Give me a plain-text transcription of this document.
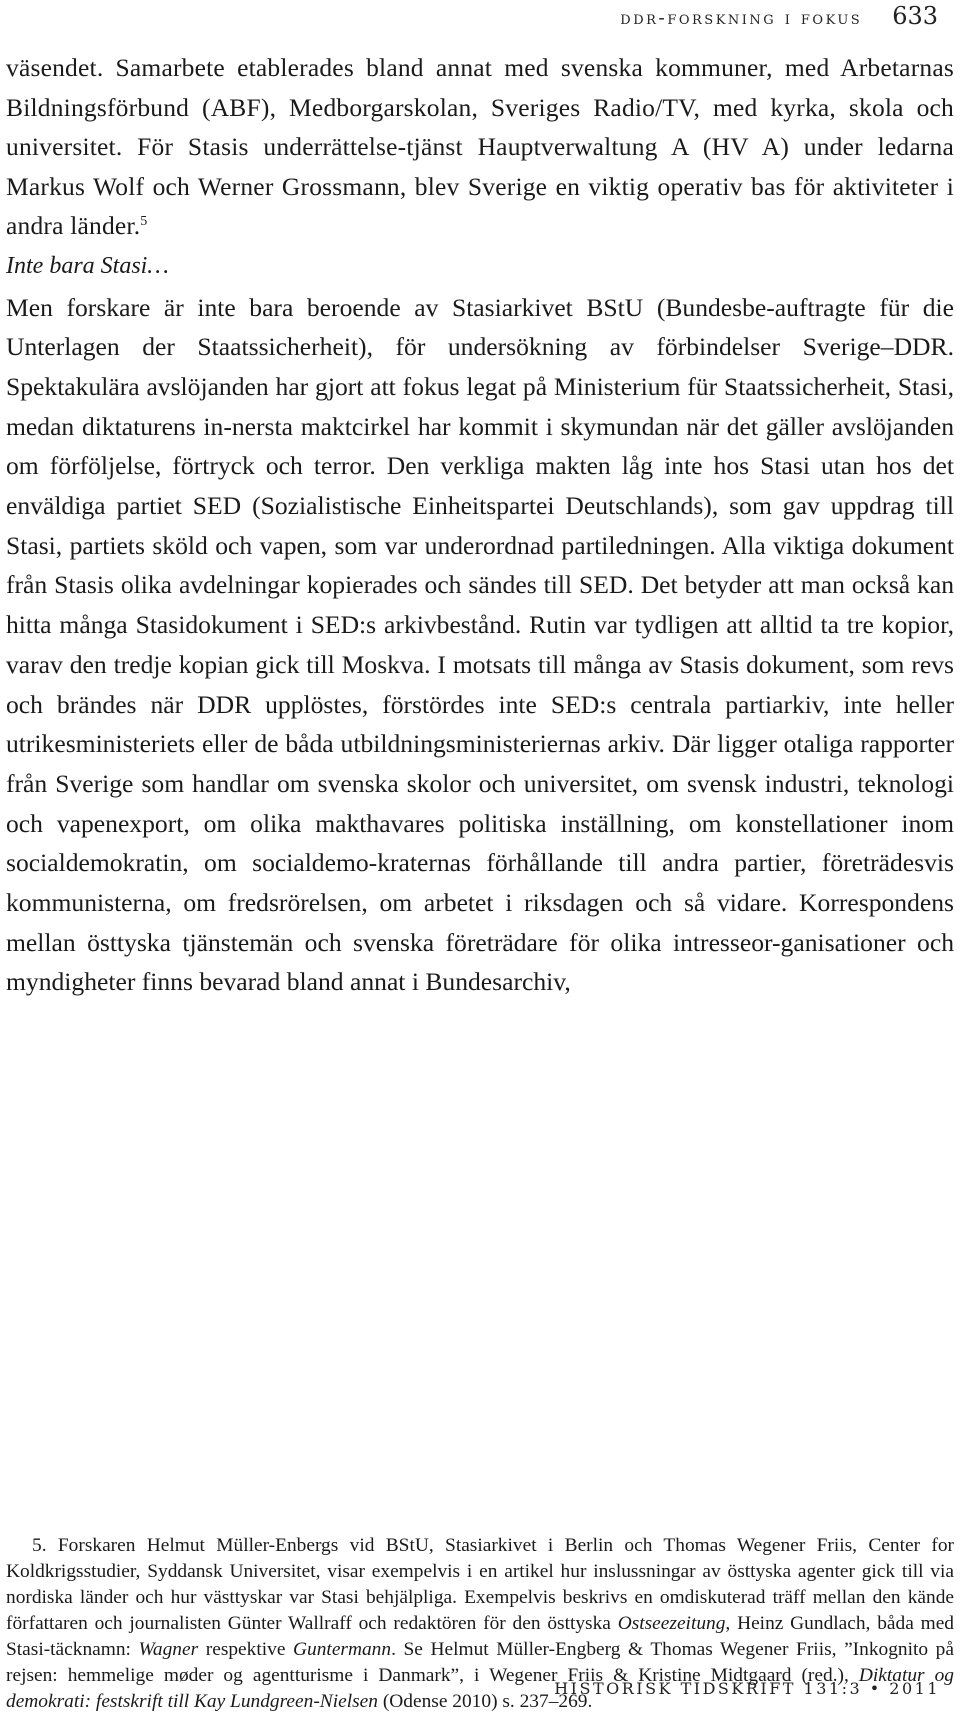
ddr-forskning i fokus 633

väsendet. Samarbete etablerades bland annat med svenska kommuner, med Arbetarnas Bildningsförbund (ABF), Medborgarskolan, Sveriges Radio/TV, med kyrka, skola och universitet. För Stasis underrättelse-tjänst Hauptverwaltung A (HV A) under ledarna Markus Wolf och Werner Grossmann, blev Sverige en viktig operativ bas för aktiviteter i andra länder.$^5$

Inte bara Stasi…

Men forskare är inte bara beroende av Stasiarkivet BStU (Bundesbe-auftragte für die Unterlagen der Staatssicherheit), för undersökning av förbindelser Sverige–DDR. Spektakulära avslöjanden har gjort att fokus legat på Ministerium für Staatssicherheit, Stasi, medan diktaturens in-nersta maktcirkel har kommit i skymundan när det gäller avslöjanden om förföljelse, förtryck och terror. Den verkliga makten låg inte hos Stasi utan hos det enväldiga partiet SED (Sozialistische Einheitspartei Deutschlands), som gav uppdrag till Stasi, partiets sköld och vapen, som var underordnad partiledningen. Alla viktiga dokument från Stasis olika avdelningar kopierades och sändes till SED. Det betyder att man också kan hitta många Stasidokument i SED:s arkivbestånd. Rutin var tydligen att alltid ta tre kopior, varav den tredje kopian gick till Moskva. I motsats till många av Stasis dokument, som revs och brändes när DDR upplöstes, förstördes inte SED:s centrala partiarkiv, inte heller utrikesministeriets eller de båda utbildningsministeriernas arkiv. Där ligger otaliga rapporter från Sverige som handlar om svenska skolor och universitet, om svensk industri, teknologi och vapenexport, om olika makthavares politiska inställning, om konstellationer inom socialdemokratin, om socialdemo-kraternas förhållande till andra partier, företrädesvis kommunisterna, om fredsrörelsen, om arbetet i riksdagen och så vidare. Korrespondens mellan östtyska tjänstemän och svenska företrädare för olika intresseor-ganisationer och myndigheter finns bevarad bland annat i Bundesarchiv,

5. Forskaren Helmut Müller-Enbergs vid BStU, Stasiarkivet i Berlin och Thomas Wegener Friis, Center for Koldkrigsstudier, Syddansk Universitet, visar exempelvis i en artikel hur inslussningar av östtyska agenter gick till via nordiska länder och hur västtyskar var Stasi behjälpliga. Exempelvis beskrivs en omdiskuterad träff mellan den kände författaren och journalisten Günter Wallraff och redaktören för den östtyska Ostseezeitung, Heinz Gundlach, båda med Stasi-täcknamn: Wagner respektive Guntermann. Se Helmut Müller-Engberg & Thomas Wegener Friis, ”Inkognito på rejsen: hemmelige møder og agentturisme i Danmark”, i Wegener Friis & Kristine Midtgaard (red.), Diktatur og demokrati: festskrift till Kay Lundgreen-Nielsen (Odense 2010) s. 237–269.
HISTORISK TIDSKRIFT 131:3 • 2011
